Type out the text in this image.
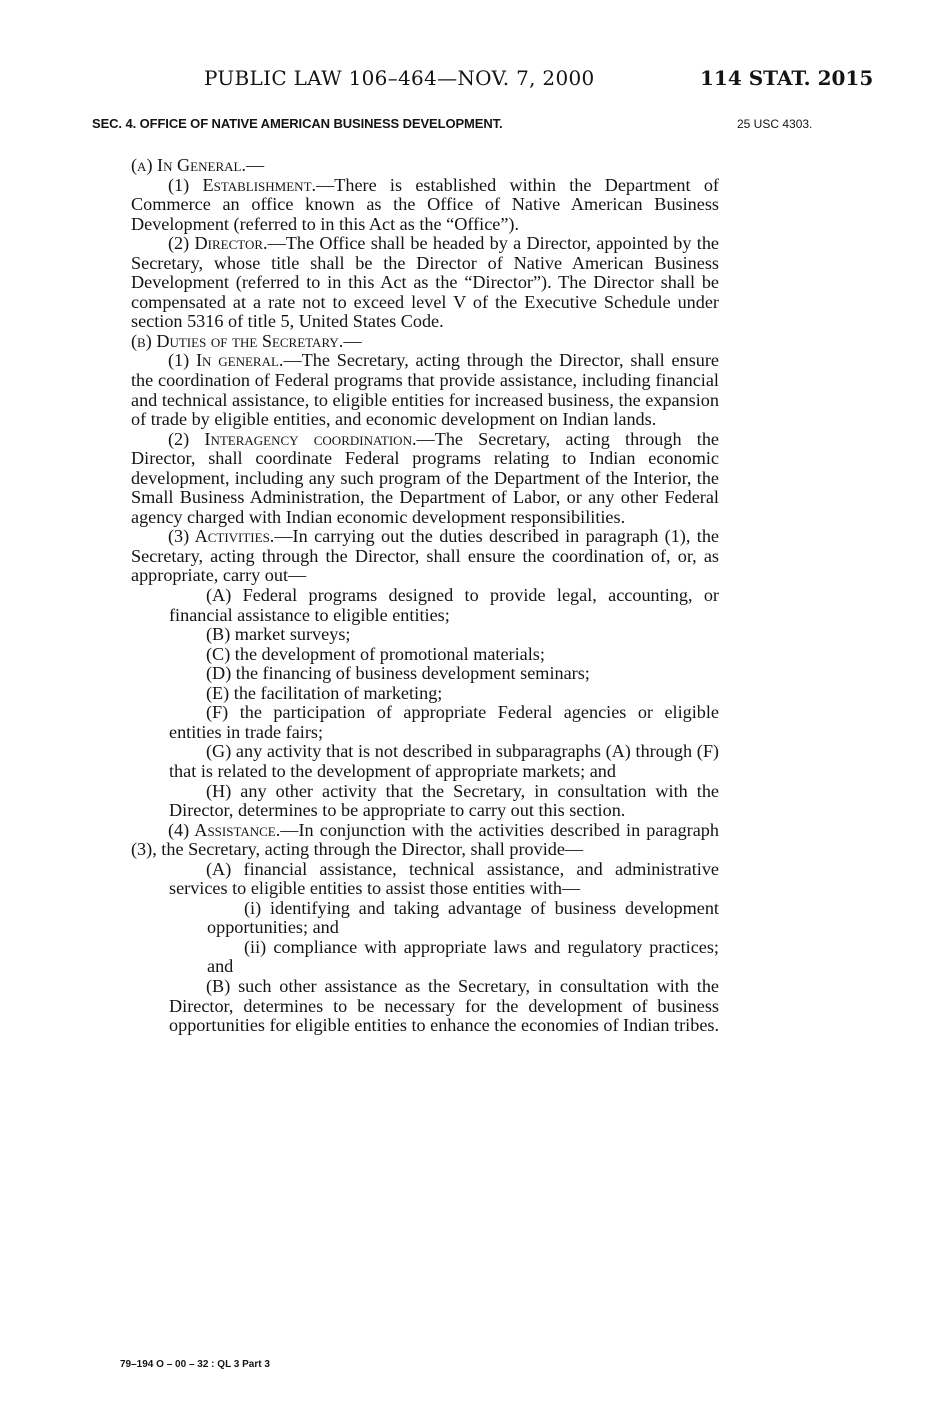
PUBLIC LAW 106–464—NOV. 7, 2000	114 STAT. 2015
SEC. 4. OFFICE OF NATIVE AMERICAN BUSINESS DEVELOPMENT.	25 USC 4303.

(a) In General.—

(1) Establishment.—There is established within the Department of Commerce an office known as the Office of Native American Business Development (referred to in this Act as the “Office”).

(2) Director.—The Office shall be headed by a Director, appointed by the Secretary, whose title shall be the Director of Native American Business Development (referred to in this Act as the “Director”). The Director shall be compensated at a rate not to exceed level V of the Executive Schedule under section 5316 of title 5, United States Code.

(b) Duties of the Secretary.—

(1) In general.—The Secretary, acting through the Director, shall ensure the coordination of Federal programs that provide assistance, including financial and technical assistance, to eligible entities for increased business, the expansion of trade by eligible entities, and economic development on Indian lands.

(2) Interagency coordination.—The Secretary, acting through the Director, shall coordinate Federal programs relating to Indian economic development, including any such program of the Department of the Interior, the Small Business Administration, the Department of Labor, or any other Federal agency charged with Indian economic development responsibilities.

(3) Activities.—In carrying out the duties described in paragraph (1), the Secretary, acting through the Director, shall ensure the coordination of, or, as appropriate, carry out—

(A) Federal programs designed to provide legal, accounting, or financial assistance to eligible entities;

(B) market surveys;

(C) the development of promotional materials;

(D) the financing of business development seminars;

(E) the facilitation of marketing;

(F) the participation of appropriate Federal agencies or eligible entities in trade fairs;

(G) any activity that is not described in subparagraphs (A) through (F) that is related to the development of appropriate markets; and

(H) any other activity that the Secretary, in consultation with the Director, determines to be appropriate to carry out this section.

(4) Assistance.—In conjunction with the activities described in paragraph (3), the Secretary, acting through the Director, shall provide—

(A) financial assistance, technical assistance, and administrative services to eligible entities to assist those entities with—

(i) identifying and taking advantage of business development opportunities; and

(ii) compliance with appropriate laws and regulatory practices; and

(B) such other assistance as the Secretary, in consultation with the Director, determines to be necessary for the development of business opportunities for eligible entities to enhance the economies of Indian tribes.

79–194 O – 00 – 32 : QL 3 Part 3
